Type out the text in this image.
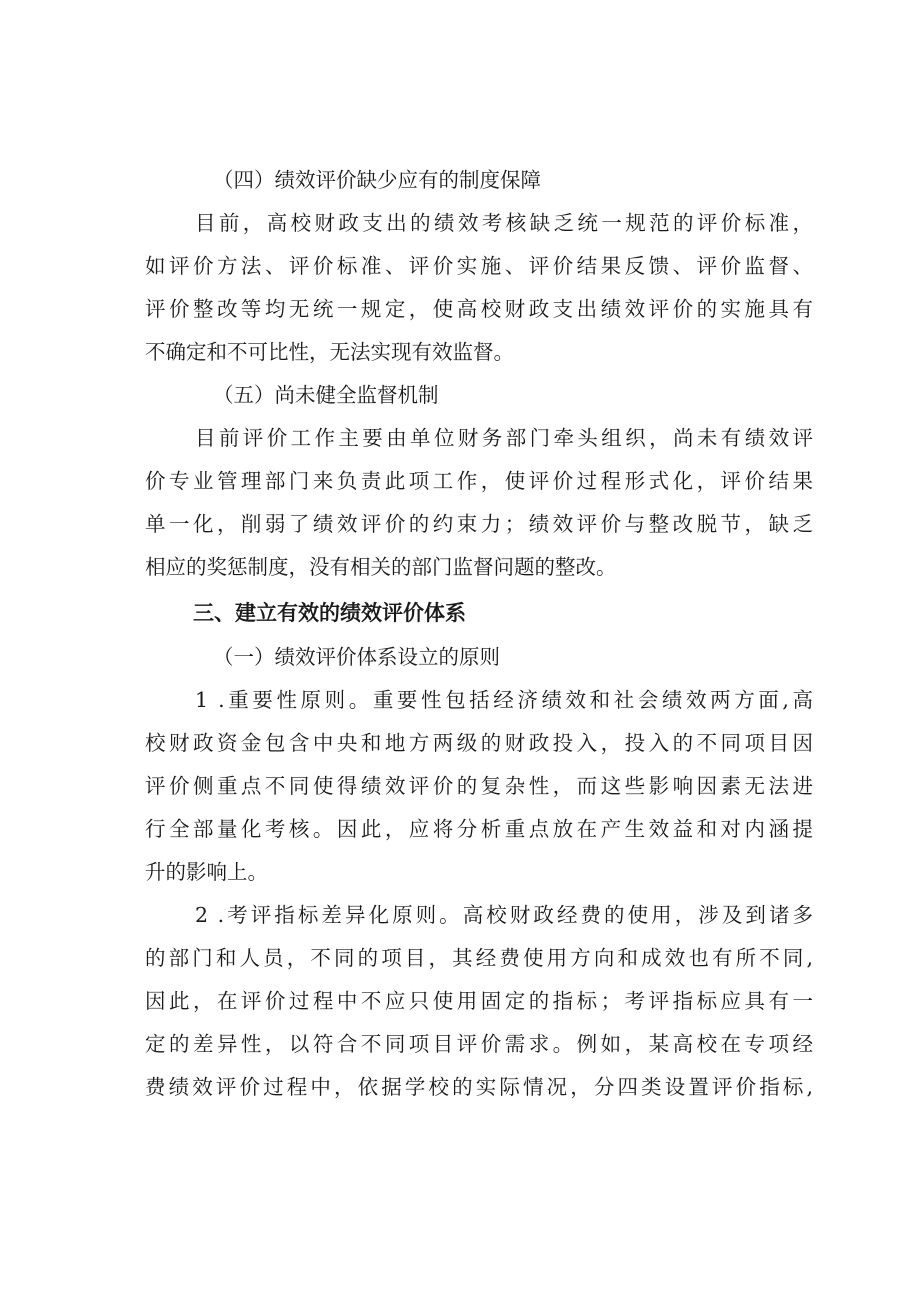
（四）绩效评价缺少应有的制度保障
目前，高校财政支出的绩效考核缺乏统一规范的评价标准，
如评价方法、评价标准、评价实施、评价结果反馈、评价监督、
评价整改等均无统一规定，使高校财政支出绩效评价的实施具有
不确定和不可比性，无法实现有效监督。
（五）尚未健全监督机制
目前评价工作主要由单位财务部门牵头组织，尚未有绩效评
价专业管理部门来负责此项工作，使评价过程形式化，评价结果
单一化，削弱了绩效评价的约束力；绩效评价与整改脱节，缺乏
相应的奖惩制度，没有相关的部门监督问题的整改。
三、建立有效的绩效评价体系
（一）绩效评价体系设立的原则
1 .重要性原则。重要性包括经济绩效和社会绩效两方面,高
校财政资金包含中央和地方两级的财政投入，投入的不同项目因
评价侧重点不同使得绩效评价的复杂性，而这些影响因素无法进
行全部量化考核。因此，应将分析重点放在产生效益和对内涵提
升的影响上。
2 .考评指标差异化原则。高校财政经费的使用，涉及到诸多
的部门和人员，不同的项目，其经费使用方向和成效也有所不同,
因此，在评价过程中不应只使用固定的指标；考评指标应具有一
定的差异性，以符合不同项目评价需求。例如，某高校在专项经
费绩效评价过程中，依据学校的实际情况，分四类设置评价指标,
